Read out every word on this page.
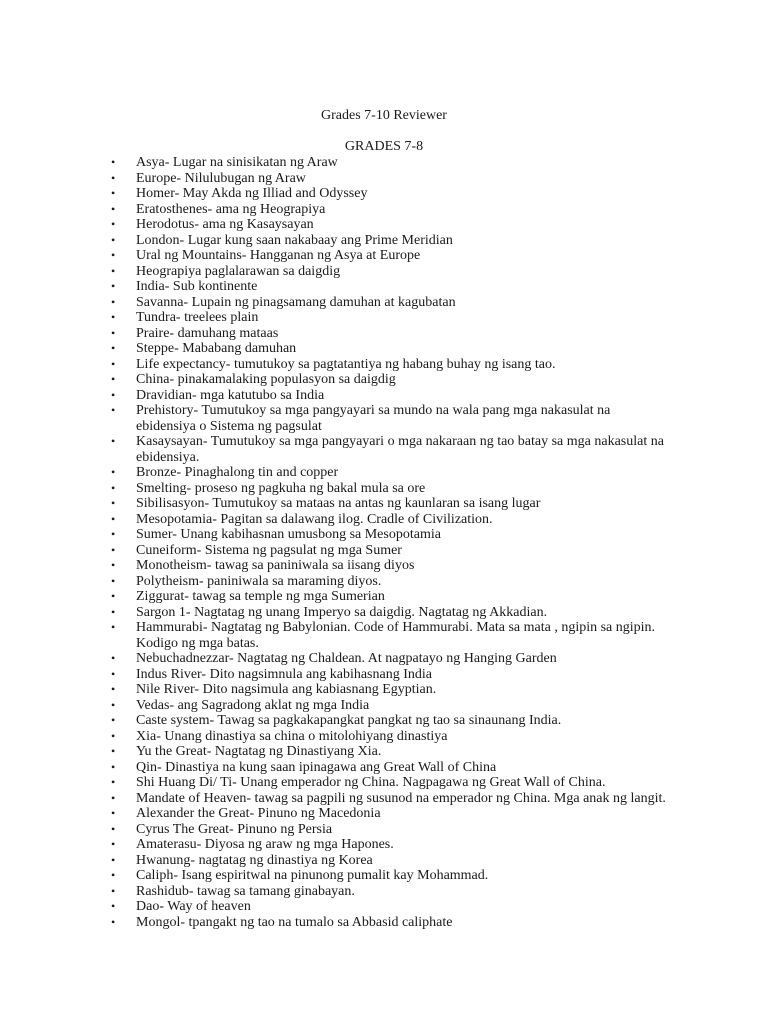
Grades 7-10 Reviewer
GRADES 7-8
• Asya- Lugar na sinisikatan ng Araw
• Europe- Nilulubugan ng Araw
• Homer- May Akda ng Illiad and Odyssey
• Eratosthenes- ama ng Heograpiya
• Herodotus- ama ng Kasaysayan
• London- Lugar kung saan nakabaay ang Prime Meridian
• Ural ng Mountains- Hangganan ng Asya at Europe
• Heograpiya paglalarawan sa daigdig
• India- Sub kontinente
• Savanna- Lupain ng pinagsamang damuhan at kagubatan
• Tundra- treelees plain
• Praire- damuhang mataas
• Steppe- Mababang damuhan
• Life expectancy- tumutukoy sa pagtatantiya ng habang buhay ng isang tao.
• China- pinakamalaking populasyon sa daigdig
• Dravidian- mga katutubo sa India
• Prehistory- Tumutukoy sa mga pangyayari sa mundo na wala pang mga nakasulat na ebidensiya o Sistema ng pagsulat
• Kasaysayan- Tumutukoy sa mga pangyayari o mga nakaraan ng tao batay sa mga nakasulat na ebidensiya.
• Bronze- Pinaghalong tin and copper
• Smelting- proseso ng pagkuha ng bakal mula sa ore
• Sibilisasyon- Tumutukoy sa mataas na antas ng kaunlaran sa isang lugar
• Mesopotamia- Pagitan sa dalawang ilog. Cradle of Civilization.
• Sumer- Unang kabihasnan umusbong sa Mesopotamia
• Cuneiform- Sistema ng pagsulat ng mga Sumer
• Monotheism- tawag sa paniniwala sa iisang diyos
• Polytheism- paniniwala sa maraming diyos.
• Ziggurat- tawag sa temple ng mga Sumerian
• Sargon 1- Nagtatag ng unang Imperyo sa daigdig. Nagtatag ng Akkadian.
• Hammurabi- Nagtatag ng Babylonian. Code of Hammurabi. Mata sa mata , ngipin sa ngipin. Kodigo ng mga batas.
• Nebuchadnezzar- Nagtatag ng Chaldean. At nagpatayo ng Hanging Garden
• Indus River- Dito nagsimnula ang kabihasnang India
• Nile River- Dito nagsimula ang kabiasnang Egyptian.
• Vedas- ang Sagradong aklat ng mga India
• Caste system- Tawag sa pagkakapangkat pangkat ng tao sa sinaunang India.
• Xia- Unang dinastiya sa china o mitolohiyang dinastiya
• Yu the Great- Nagtatag ng Dinastiyang Xia.
• Qin- Dinastiya na kung saan ipinagawa ang Great Wall of China
• Shi Huang Di/ Ti- Unang emperador ng China. Nagpagawa ng Great Wall of China.
• Mandate of Heaven- tawag sa pagpili ng susunod na emperador ng China. Mga anak ng langit.
• Alexander the Great- Pinuno ng Macedonia
• Cyrus The Great- Pinuno ng Persia
• Amaterasu- Diyosa ng araw ng mga Hapones.
• Hwanung- nagtatag ng dinastiya ng Korea
• Caliph- Isang espiritwal na pinunong pumalit kay Mohammad.
• Rashidub- tawag sa tamang ginabayan.
• Dao- Way of heaven
• Mongol- tpangakt ng tao na tumalo sa Abbasid caliphate
